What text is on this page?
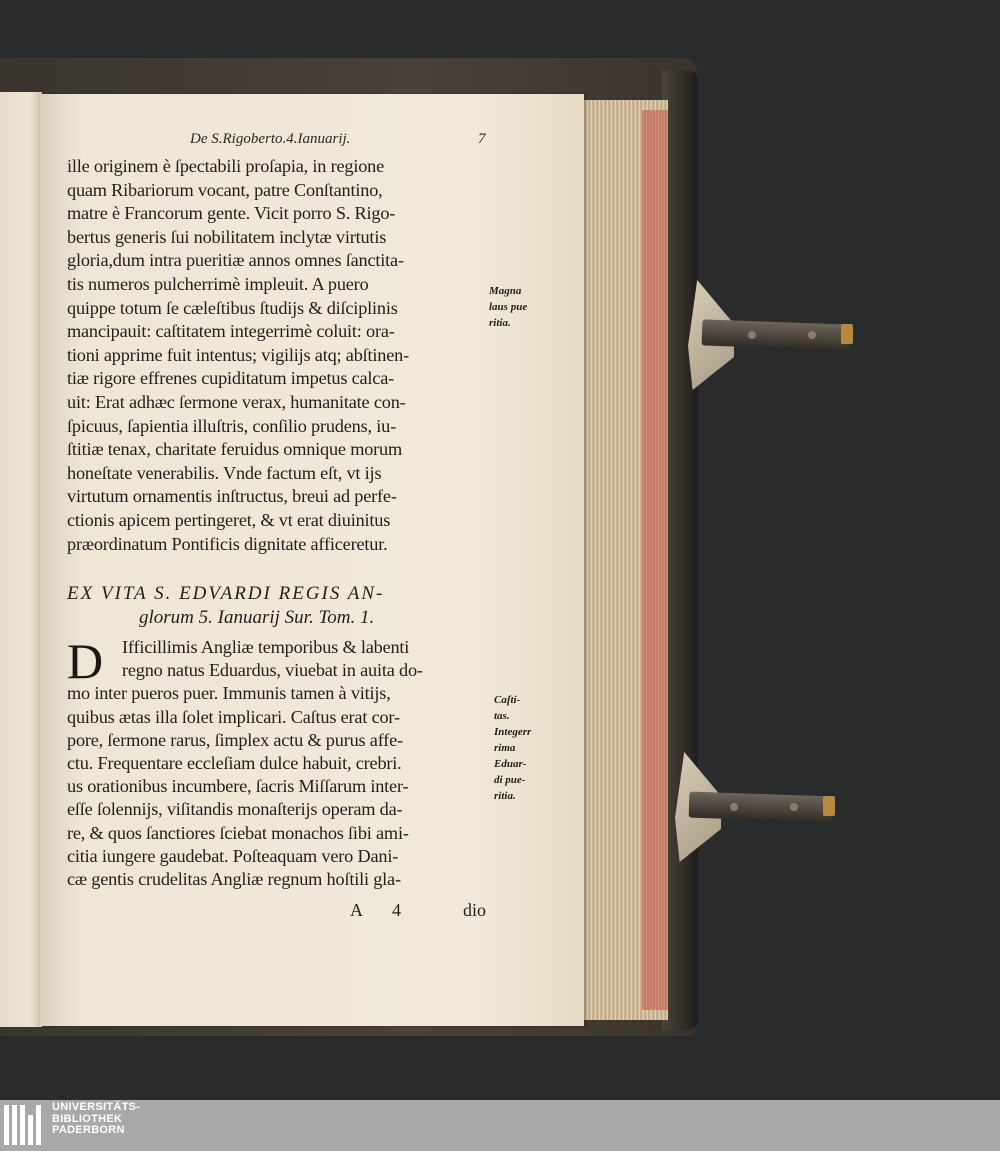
De S.Rigoberto.4.Ianuarij.	7
ille originem è ſpectabili proſapia, in regione
quam Ribariorum vocant, patre Conſtantino,
matre è Francorum gente. Vicit porro S. Rigo-
bertus generis ſui nobilitatem inclytæ virtutis
gloria,dum intra pueritiæ annos omnes ſanctita-
tis numeros pulcherrimè impleuit. A puero
quippe totum ſe cæleſtibus ſtudijs & diſciplinis
mancipauit: caſtitatem integerrimè coluit: ora-
tioni apprime fuit intentus; vigilijs atq; abſtinen-
tiæ rigore effrenes cupiditatum impetus calca-
uit: Erat adhæc ſermone verax, humanitate con-
ſpicuus, ſapientia illuſtris, conſilio prudens, iu-
ſtitiæ tenax, charitate feruidus omnique morum
honeſtate venerabilis. Vnde factum eſt, vt ijs
virtutum ornamentis inſtructus, breui ad perfe-
ctionis apicem pertingeret, & vt erat diuinitus
præordinatum Pontificis dignitate afficeretur.
Magna
laus pue
ritia.
EX VITA S. EDVARDI REGIS AN-
glorum 5. Ianuarij Sur. Tom. 1.
D	Ifficillimis Angliæ temporibus & labenti
regno natus Eduardus, viuebat in auita do-
mo inter pueros puer. Immunis tamen à vitijs,
quibus ætas illa ſolet implicari. Caſtus erat cor-
pore, ſermone rarus, ſimplex actu & purus affe-
ctu. Frequentare eccleſiam dulce habuit, crebri.
us orationibus incumbere, ſacris Miſſarum inter-
eſſe ſolennijs, viſitandis monaſterijs operam da-
re, & quos ſanctiores ſciebat monachos ſibi ami-
citia iungere gaudebat. Poſteaquam vero Dani-
cæ gentis crudelitas Angliæ regnum hoſtili gla-
Caſti-
tas.
Integerr
rima
Eduar-
di pue-
ritia.
A 4	dio
UNIVERSITÄTS-
BIBLIOTHEK
PADERBORN
